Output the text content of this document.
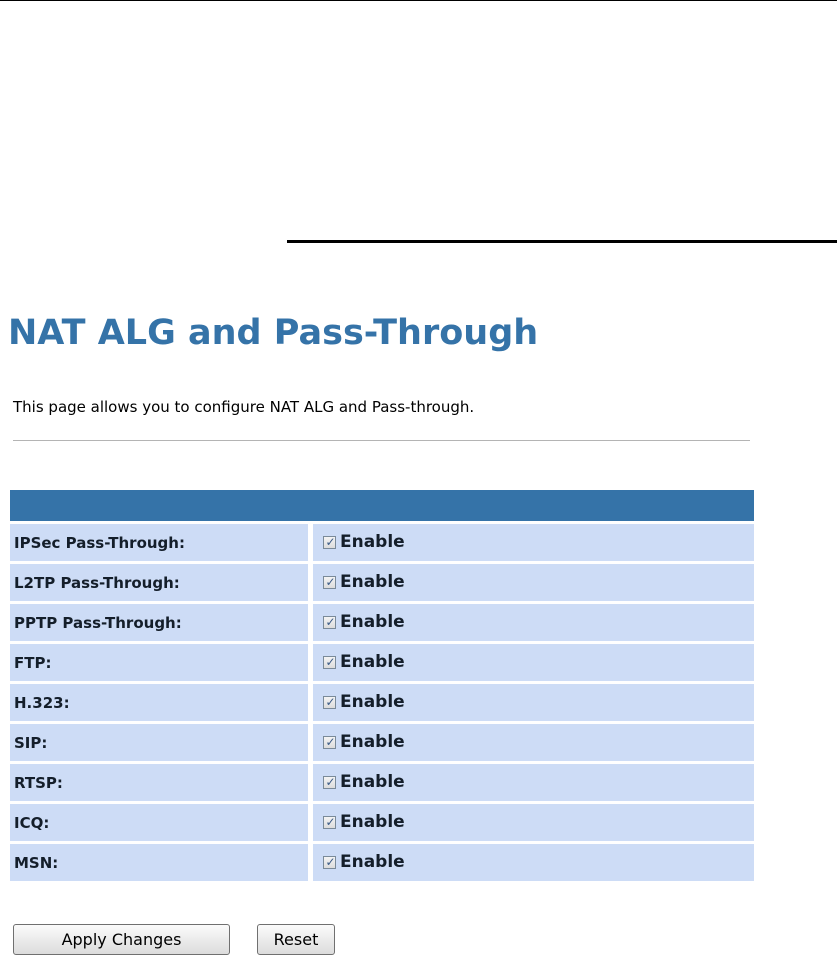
NAT ALG and Pass-Through

This page allows you to configure NAT ALG and Pass-through.

IPSec Pass-Through:	✓ Enable

L2TP Pass-Through:	✓ Enable

PPTP Pass-Through:	✓ Enable

FTP:	✓ Enable

H.323:	✓ Enable

SIP:	✓ Enable

RTSP:	✓ Enable

ICQ:	✓ Enable

MSN:	✓ Enable
Apply Changes	Reset
